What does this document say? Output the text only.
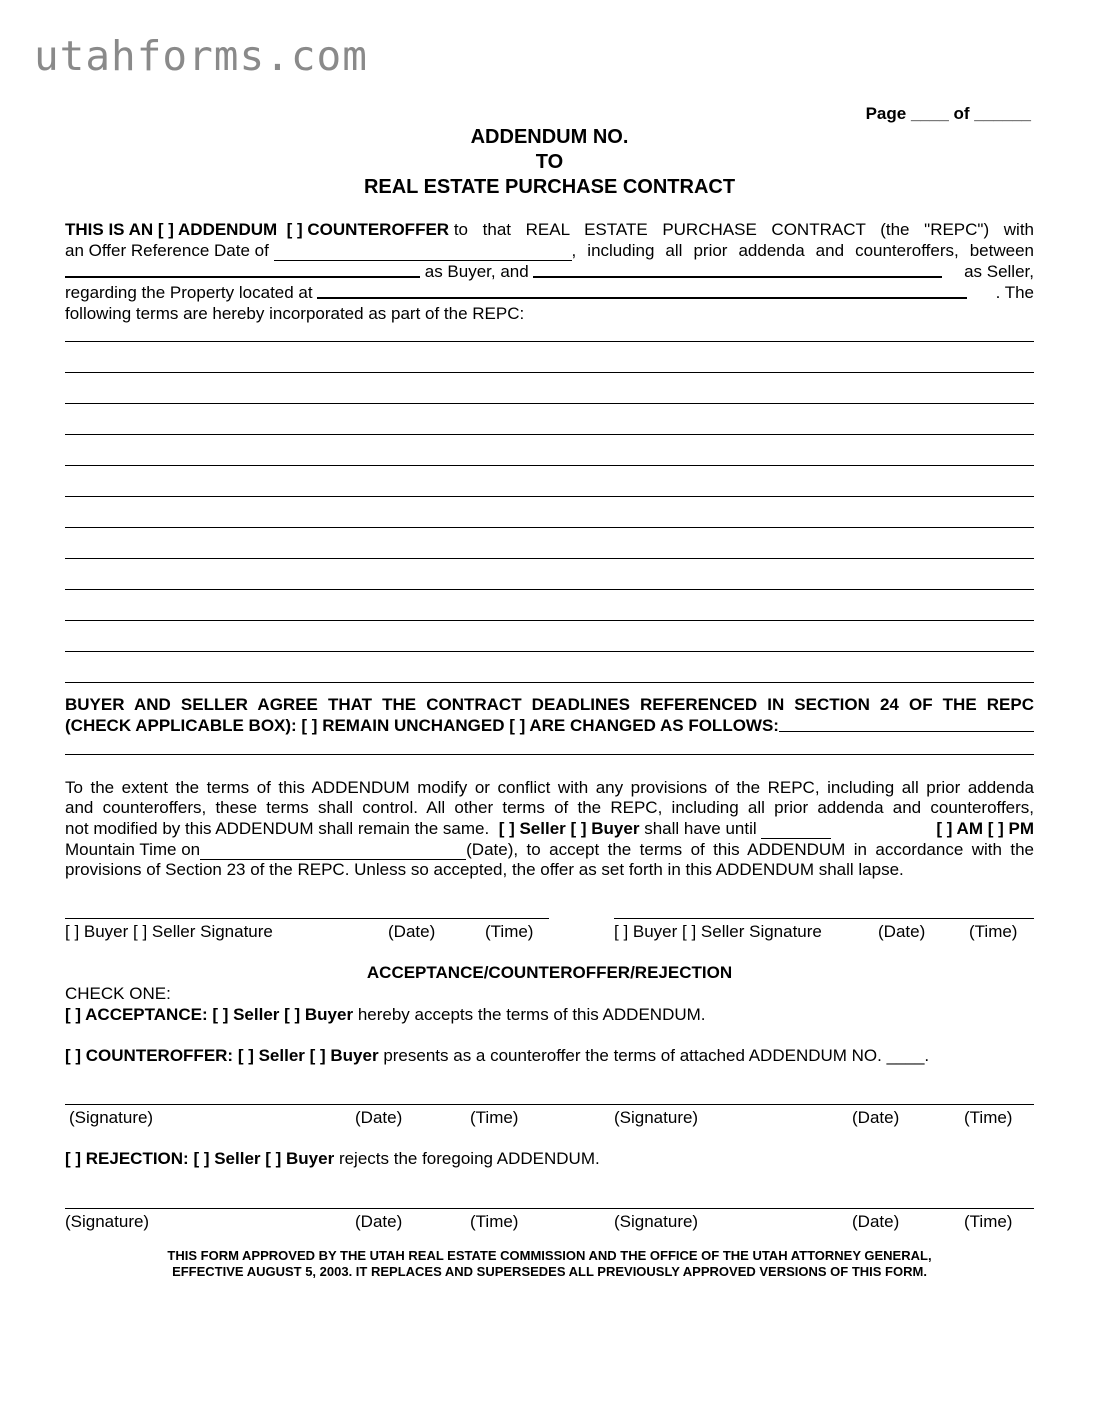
utahforms.com
Page ____ of ______
ADDENDUM NO.
TO
REAL ESTATE PURCHASE CONTRACT
THIS IS AN [ ] ADDENDUM
[ ] COUNTEROFFER
to that REAL ESTATE PURCHASE CONTRACT (the "REPC") with
an Offer Reference Date of
	, including all prior addenda and counteroffers, between

as Buyer, and
	as Seller,
regarding the Property located at
	. The
following terms are hereby incorporated as part of the REPC:
BUYER AND SELLER AGREE THAT THE CONTRACT DEADLINES REFERENCED IN SECTION 24 OF THE REPC
(CHECK APPLICABLE BOX): [ ] REMAIN UNCHANGED [ ] ARE CHANGED AS FOLLOWS:
To the extent the terms of this ADDENDUM modify or conflict with any provisions of the REPC, including all prior addenda
and counteroffers, these terms shall control. All other terms of the REPC, including all prior addenda and counteroffers,
not modified by this ADDENDUM shall remain the same.
[ ] Seller [ ] Buyer
shall have until
	[ ] AM [ ] PM
Mountain Time on	(Date), to accept the terms of this ADDENDUM in accordance with the
provisions of Section 23 of the REPC. Unless so accepted, the offer as set forth in this ADDENDUM shall lapse.
[ ] Buyer [ ] Seller Signature	(Date)	(Time)	[ ] Buyer [ ] Seller Signature	(Date)	(Time)
ACCEPTANCE/COUNTEROFFER/REJECTION
CHECK ONE:
[ ] ACCEPTANCE: [ ] Seller [ ] Buyer hereby accepts the terms of this ADDENDUM.
[ ] COUNTEROFFER: [ ] Seller [ ] Buyer presents as a counteroffer the terms of attached ADDENDUM NO. ____.
(Signature)	(Date)	(Time)	(Signature)	(Date)	(Time)
[ ] REJECTION: [ ] Seller [ ] Buyer rejects the foregoing ADDENDUM.
(Signature)	(Date)	(Time)	(Signature)	(Date)	(Time)
THIS FORM APPROVED BY THE UTAH REAL ESTATE COMMISSION AND THE OFFICE OF THE UTAH ATTORNEY GENERAL,
EFFECTIVE AUGUST 5, 2003. IT REPLACES AND SUPERSEDES ALL PREVIOUSLY APPROVED VERSIONS OF THIS FORM.
